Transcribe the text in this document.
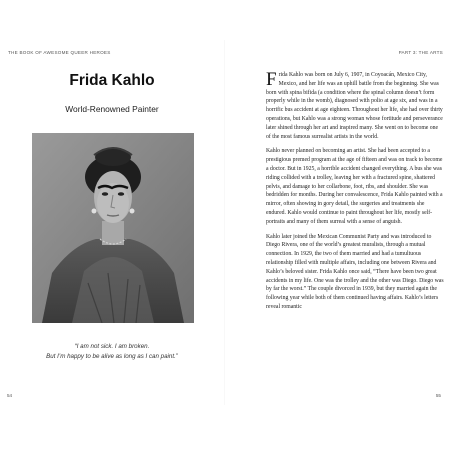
THE BOOK OF AWESOME QUEER HEROES	PART 3: THE ARTS
Frida Kahlo
World-Renowned Painter
“I am not sick. I am broken.
But I’m happy to be alive as long as I can paint.”
54	55

Frida Kahlo was born on July 6, 1907, in Coyoacán, Mexico City, Mexico, and her life was an uphill battle from the beginning. She was born with spina bifida (a condition where the spinal column doesn’t form properly while in the womb), diagnosed with polio at age six, and was in a horrific bus accident at age eighteen. Throughout her life, she had over thirty operations, but Kahlo was a strong woman whose fortitude and perseverance later shined through her art and inspired many. She went on to become one of the most famous surrealist artists in the world.

Kahlo never planned on becoming an artist. She had been accepted to a prestigious premed program at the age of fifteen and was on track to become a doctor. But in 1925, a horrible accident changed everything. A bus she was riding collided with a trolley, leaving her with a fractured spine, shattered pelvis, and damage to her collarbone, foot, ribs, and shoulder. She was bedridden for months. During her convalescence, Frida Kahlo painted with a mirror, often showing in gory detail, the surgeries and treatments she endured. Kahlo would continue to paint throughout her life, mostly self-portraits and many of them surreal with a sense of anguish.

Kahlo later joined the Mexican Communist Party and was introduced to Diego Rivera, one of the world’s greatest muralists, through a mutual connection. In 1929, the two of them married and had a tumultuous relationship filled with multiple affairs, including one between Rivera and Kahlo’s beloved sister. Frida Kahlo once said, “There have been two great accidents in my life. One was the trolley and the other was Diego. Diego was by far the worst.” The couple divorced in 1939, but they married again the following year while both of them continued having affairs. Kahlo’s letters reveal romantic
